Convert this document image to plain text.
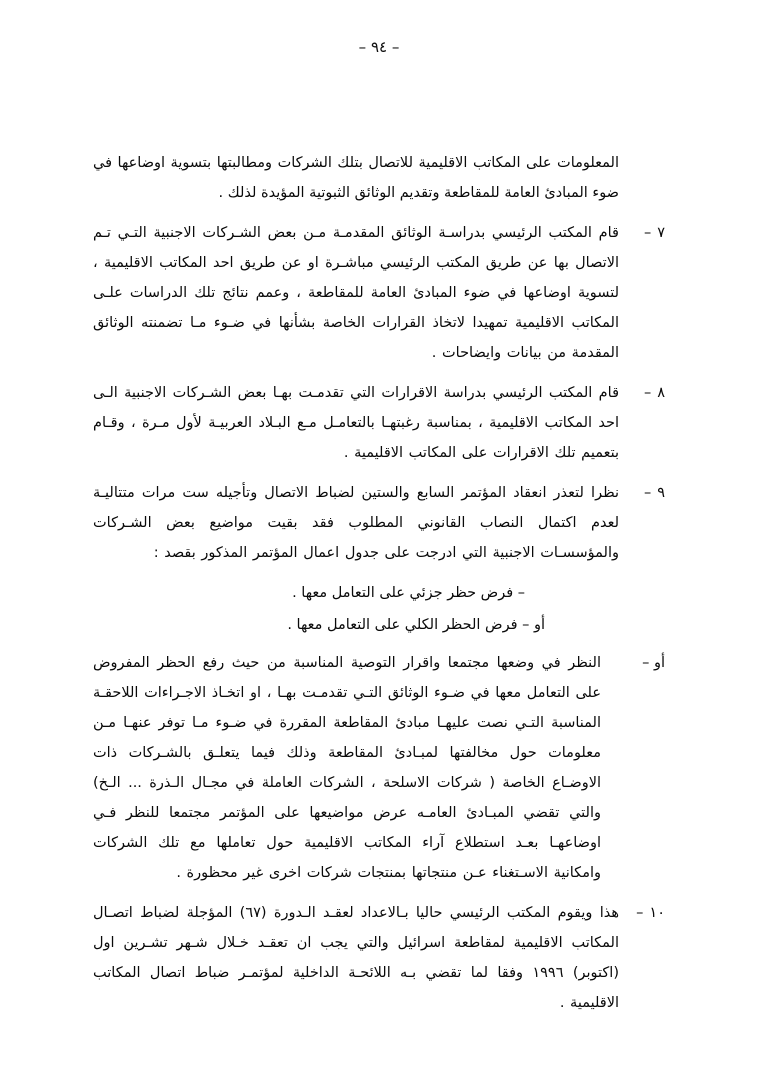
– ٩٤ –
المعلومات على المكاتب الاقليمية للاتصال بتلك الشركات ومطالبتها بتسوية اوضاعها في ضوء المبادئ العامة للمقاطعة وتقديم الوثائق الثبوتية المؤيدة لذلك .
٧–
قام المكتب الرئيسي بدراسـة الوثائق المقدمـة مـن بعض الشـركات الاجنبية التـي تـم الاتصال بها عن طريق المكتب الرئيسي مباشـرة او عن طريق احد المكاتب الاقليمية ، لتسوية اوضاعها في ضوء المبادئ العامة للمقاطعة ، وعمم نتائج تلك الدراسات علـى المكاتب الاقليمية تمهيدا لاتخاذ القرارات الخاصة بشأنها في ضـوء مـا تضمنته الوثائق المقدمة من بيانات وايضاحات .
٨–
قام المكتب الرئيسي بدراسة الاقرارات التي تقدمـت بهـا بعض الشـركات الاجنبية الـى احد المكاتب الاقليمية ، بمناسبة رغبتهـا بالتعامـل مـع البـلاد العربيـة لأول مـرة ، وقـام بتعميم تلك الاقرارات على المكاتب الاقليمية .
٩–
نظرا لتعذر انعقاد المؤتمر السابع والستين لضباط الاتصال وتأجيله ست مرات متتاليـة لعدم اكتمال النصاب القانوني المطلوب فقد بقيت مواضيع بعض الشـركات والمؤسسـات الاجنبية التي ادرجت على جدول اعمال المؤتمر المذكور بقصد :
– فرض حظر جزئي على التعامل معها .
أو – فرض الحظر الكلي على التعامل معها .
أو –
النظر في وضعها مجتمعا واقرار التوصية المناسبة من حيث رفع الحظر المفروض على التعامل معها في ضـوء الوثائق التـي تقدمـت بهـا ، او اتخـاذ الاجـراءات اللاحقـة المناسبة التـي نصت عليهـا مبادئ المقاطعة المقررة في ضـوء مـا توفر عنهـا مـن معلومات حول مخالفتها لمبـادئ المقاطعة وذلك فيما يتعلـق بالشـركات ذات الاوضـاع الخاصة ( شركات الاسلحة ، الشركات العاملة في مجـال الـذرة ... الـخ) والتي تقضي المبـادئ العامـه عرض مواضيعها على المؤتمر مجتمعا للنظر فـي اوضاعهـا بعـد استطلاع آراء المكاتب الاقليمية حول تعاملها مع تلك الشركات وامكانية الاسـتغناء عـن منتجاتها بمنتجات شركات اخرى غير محظورة .
١٠–
هذا ويقوم المكتب الرئيسي حاليا بـالاعداد لعقـد الـدورة (٦٧) المؤجلة لضباط اتصـال المكاتب الاقليمية لمقاطعة اسرائيل والتي يجب ان تعقـد خـلال شـهر تشـرين اول (اكتوبر) ١٩٩٦ وفقا لما تقضي بـه اللائحـة الداخلية لمؤتمـر ضباط اتصال المكاتب الاقليمية .
